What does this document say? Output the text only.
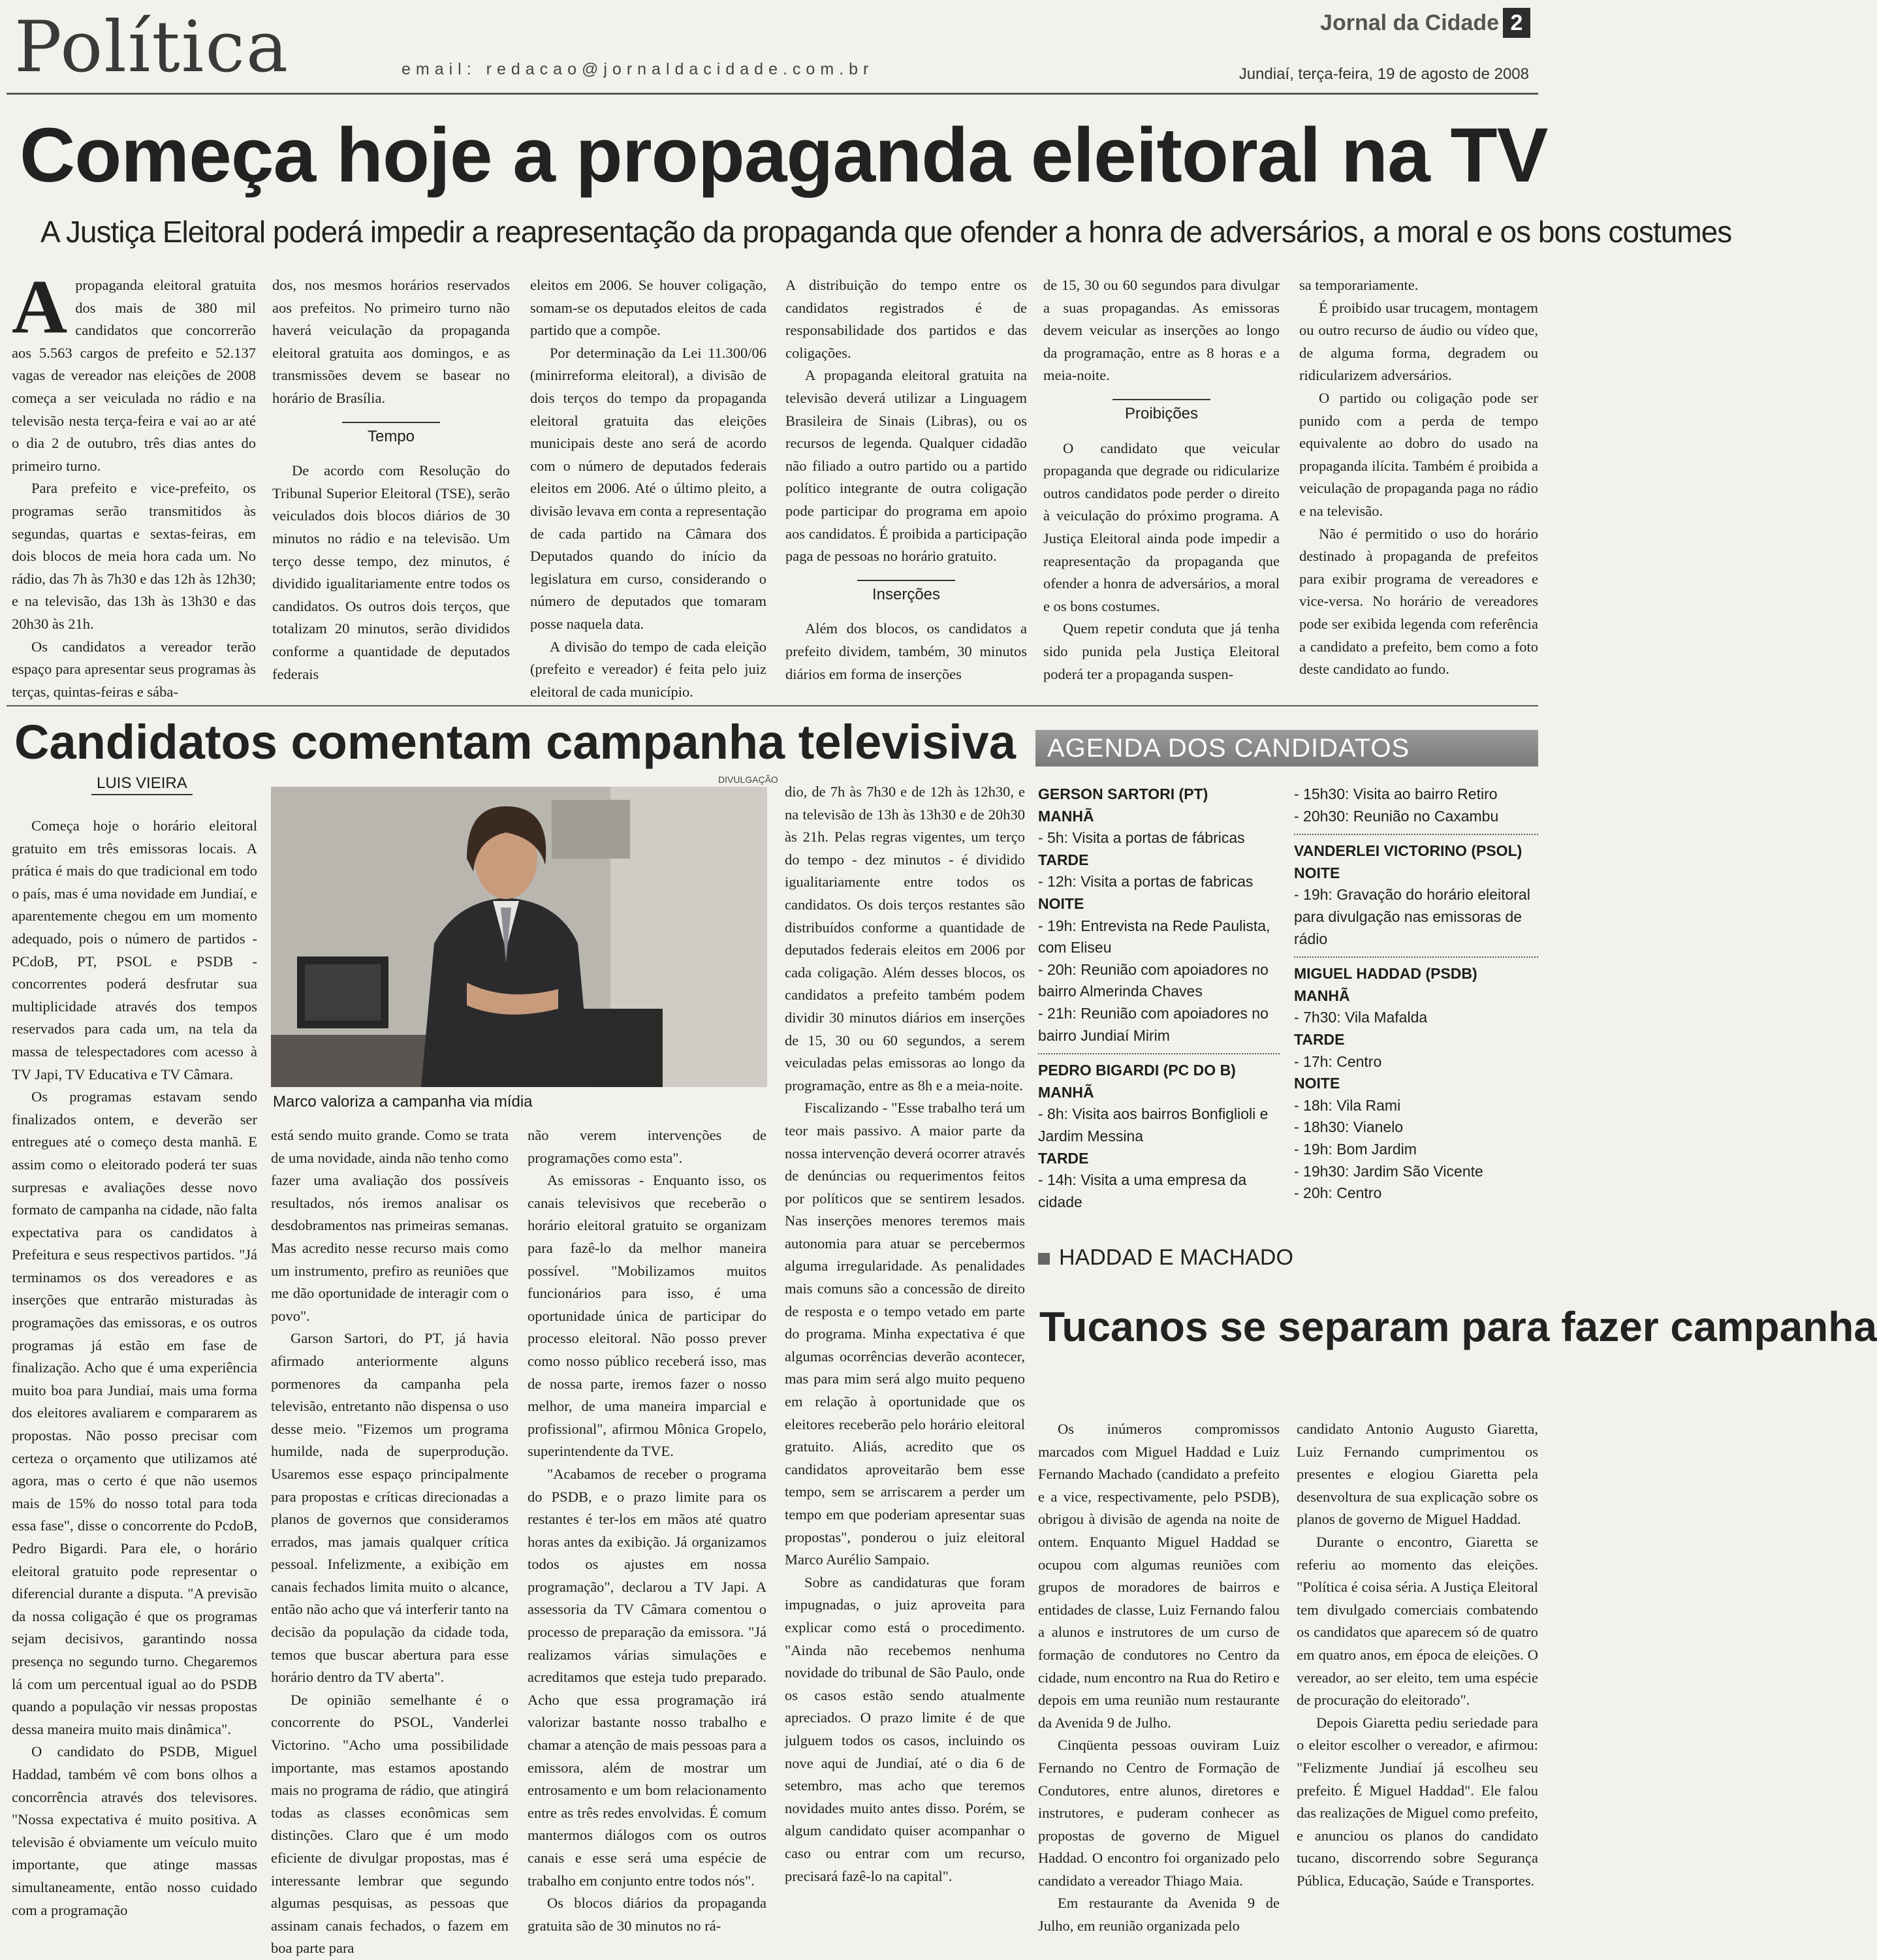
Política	email: redacao@jornaldacidade.com.br
Jornal da Cidade 2
Jundiaí, terça-feira, 19 de agosto de 2008
Começa hoje a propaganda eleitoral na TV
A Justiça Eleitoral poderá impedir a reapresentação da propaganda que ofender a honra de adversários, a moral e os bons costumes
A propaganda eleitoral gratuita dos mais de 380 mil candidatos que concorrerão aos 5.563 cargos de prefeito e 52.137 vagas de vereador nas eleições de 2008 começa a ser veiculada no rádio e na televisão nesta terça-feira e vai ao ar até o dia 2 de outubro, três dias antes do primeiro turno.

Para prefeito e vice-prefeito, os programas serão transmitidos às segundas, quartas e sextas-feiras, em dois blocos de meia hora cada um. No rádio, das 7h às 7h30 e das 12h às 12h30; e na televisão, das 13h às 13h30 e das 20h30 às 21h.

Os candidatos a vereador terão espaço para apresentar seus programas às terças, quintas-feiras e sába-

dos, nos mesmos horários reservados aos prefeitos. No primeiro turno não haverá veiculação da propaganda eleitoral gratuita aos domingos, e as transmissões devem se basear no horário de Brasília.

Tempo

De acordo com Resolução do Tribunal Superior Eleitoral (TSE), serão veiculados dois blocos diários de 30 minutos no rádio e na televisão. Um terço desse tempo, dez minutos, é dividido igualitariamente entre todos os candidatos. Os outros dois terços, que totalizam 20 minutos, serão divididos conforme a quantidade de deputados federais

eleitos em 2006. Se houver coligação, somam-se os deputados eleitos de cada partido que a compõe.

Por determinação da Lei 11.300/06 (minirreforma eleitoral), a divisão de dois terços do tempo da propaganda eleitoral gratuita das eleições municipais deste ano será de acordo com o número de deputados federais eleitos em 2006. Até o último pleito, a divisão levava em conta a representação de cada partido na Câmara dos Deputados quando do início da legislatura em curso, considerando o número de deputados que tomaram posse naquela data.

A divisão do tempo de cada eleição (prefeito e vereador) é feita pelo juiz eleitoral de cada município.

A distribuição do tempo entre os candidatos registrados é de responsabilidade dos partidos e das coligações.

A propaganda eleitoral gratuita na televisão deverá utilizar a Linguagem Brasileira de Sinais (Libras), ou os recursos de legenda. Qualquer cidadão não filiado a outro partido ou a partido político integrante de outra coligação pode participar do programa em apoio aos candidatos. É proibida a participação paga de pessoas no horário gratuito.

Inserções

Além dos blocos, os candidatos a prefeito dividem, também, 30 minutos diários em forma de inserções

de 15, 30 ou 60 segundos para divulgar a suas propagandas. As emissoras devem veicular as inserções ao longo da programação, entre as 8 horas e a meia-noite.

Proibições

O candidato que veicular propaganda que degrade ou ridicularize outros candidatos pode perder o direito à veiculação do próximo programa. A Justiça Eleitoral ainda pode impedir a reapresentação da propaganda que ofender a honra de adversários, a moral e os bons costumes.

Quem repetir conduta que já tenha sido punida pela Justiça Eleitoral poderá ter a propaganda suspen-

sa temporariamente.

É proibido usar trucagem, montagem ou outro recurso de áudio ou vídeo que, de alguma forma, degradem ou ridicularizem adversários.

O partido ou coligação pode ser punido com a perda de tempo equivalente ao dobro do usado na propaganda ilícita. Também é proibida a veiculação de propaganda paga no rádio e na televisão.

Não é permitido o uso do horário destinado à propaganda de prefeitos para exibir programa de vereadores e vice-versa. No horário de vereadores pode ser exibida legenda com referência a candidato a prefeito, bem como a foto deste candidato ao fundo.

Candidatos comentam campanha televisiva
LUIS VIEIRA	DIVULGAÇÃO
Marco valoriza a campanha via mídia

Começa hoje o horário eleitoral gratuito em três emissoras locais. A prática é mais do que tradicional em todo o país, mas é uma novidade em Jundiaí, e aparentemente chegou em um momento adequado, pois o número de partidos - PCdoB, PT, PSOL e PSDB - concorrentes poderá desfrutar sua multiplicidade através dos tempos reservados para cada um, na tela da massa de telespectadores com acesso à TV Japi, TV Educativa e TV Câmara.

Os programas estavam sendo finalizados ontem, e deverão ser entregues até o começo desta manhã. E assim como o eleitorado poderá ter suas surpresas e avaliações desse novo formato de campanha na cidade, não falta expectativa para os candidatos à Prefeitura e seus respectivos partidos. "Já terminamos os dos vereadores e as inserções que entrarão misturadas às programações das emissoras, e os outros programas já estão em fase de finalização. Acho que é uma experiência muito boa para Jundiaí, mais uma forma dos eleitores avaliarem e compararem as propostas. Não posso precisar com certeza o orçamento que utilizamos até agora, mas o certo é que não usemos mais de 15% do nosso total para toda essa fase", disse o concorrente do PcdoB, Pedro Bigardi. Para ele, o horário eleitoral gratuito pode representar o diferencial durante a disputa. "A previsão da nossa coligação é que os programas sejam decisivos, garantindo nossa presença no segundo turno. Chegaremos lá com um percentual igual ao do PSDB quando a população vir nessas propostas dessa maneira muito mais dinâmica".

O candidato do PSDB, Miguel Haddad, também vê com bons olhos a concorrência através dos televisores. "Nossa expectativa é muito positiva. A televisão é obviamente um veículo muito importante, que atinge massas simultaneamente, então nosso cuidado com a programação

está sendo muito grande. Como se trata de uma novidade, ainda não tenho como fazer uma avaliação dos possíveis resultados, nós iremos analisar os desdobramentos nas primeiras semanas. Mas acredito nesse recurso mais como um instrumento, prefiro as reuniões que me dão oportunidade de interagir com o povo".

Garson Sartori, do PT, já havia afirmado anteriormente alguns pormenores da campanha pela televisão, entretanto não dispensa o uso desse meio. "Fizemos um programa humilde, nada de superprodução. Usaremos esse espaço principalmente para propostas e críticas direcionadas a planos de governos que consideramos errados, mas jamais qualquer crítica pessoal. Infelizmente, a exibição em canais fechados limita muito o alcance, então não acho que vá interferir tanto na decisão da população da cidade toda, temos que buscar abertura para esse horário dentro da TV aberta".

De opinião semelhante é o concorrente do PSOL, Vanderlei Victorino. "Acho uma possibilidade importante, mas estamos apostando mais no programa de rádio, que atingirá todas as classes econômicas sem distinções. Claro que é um modo eficiente de divulgar propostas, mas é interessante lembrar que segundo algumas pesquisas, as pessoas que assinam canais fechados, o fazem em boa parte para

não verem intervenções de programações como esta".

As emissoras - Enquanto isso, os canais televisivos que receberão o horário eleitoral gratuito se organizam para fazê-lo da melhor maneira possível. "Mobilizamos muitos funcionários para isso, é uma oportunidade única de participar do processo eleitoral. Não posso prever como nosso público receberá isso, mas de nossa parte, iremos fazer o nosso melhor, de uma maneira imparcial e profissional", afirmou Mônica Gropelo, superintendente da TVE.

"Acabamos de receber o programa do PSDB, e o prazo limite para os restantes é ter-los em mãos até quatro horas antes da exibição. Já organizamos todos os ajustes em nossa programação", declarou a TV Japi. A assessoria da TV Câmara comentou o processo de preparação da emissora. "Já realizamos várias simulações e acreditamos que esteja tudo preparado. Acho que essa programação irá valorizar bastante nosso trabalho e chamar a atenção de mais pessoas para a emissora, além de mostrar um entrosamento e um bom relacionamento entre as três redes envolvidas. É comum mantermos diálogos com os outros canais e esse será uma espécie de trabalho em conjunto entre todos nós".

Os blocos diários da propaganda gratuita são de 30 minutos no rá-

dio, de 7h às 7h30 e de 12h às 12h30, e na televisão de 13h às 13h30 e de 20h30 às 21h. Pelas regras vigentes, um terço do tempo - dez minutos - é dividido igualitariamente entre todos os candidatos. Os dois terços restantes são distribuídos conforme a quantidade de deputados federais eleitos em 2006 por cada coligação. Além desses blocos, os candidatos a prefeito também podem dividir 30 minutos diários em inserções de 15, 30 ou 60 segundos, a serem veiculadas pelas emissoras ao longo da programação, entre as 8h e a meia-noite.

Fiscalizando - "Esse trabalho terá um teor mais passivo. A maior parte da nossa intervenção deverá ocorrer através de denúncias ou requerimentos feitos por políticos que se sentirem lesados. Nas inserções menores teremos mais autonomia para atuar se percebermos alguma irregularidade. As penalidades mais comuns são a concessão de direito de resposta e o tempo vetado em parte do programa. Minha expectativa é que algumas ocorrências deverão acontecer, mas para mim será algo muito pequeno em relação à oportunidade que os eleitores receberão pelo horário eleitoral gratuito. Aliás, acredito que os candidatos aproveitarão bem esse tempo, sem se arriscarem a perder um tempo em que poderiam apresentar suas propostas", ponderou o juiz eleitoral Marco Aurélio Sampaio.

Sobre as candidaturas que foram impugnadas, o juiz aproveita para explicar como está o procedimento. "Ainda não recebemos nenhuma novidade do tribunal de São Paulo, onde os casos estão sendo atualmente apreciados. O prazo limite é de que julguem todos os casos, incluindo os nove aqui de Jundiaí, até o dia 6 de setembro, mas acho que teremos novidades muito antes disso. Porém, se algum candidato quiser acompanhar o caso ou entrar com um recurso, precisará fazê-lo na capital".

AGENDA DOS CANDIDATOS
GERSON SARTORI (PT)
MANHÃ
- 5h: Visita a portas de fábricas
TARDE
- 12h: Visita a portas de fabricas
NOITE
- 19h: Entrevista na Rede Paulista, com Eliseu
- 20h: Reunião com apoiadores no bairro Almerinda Chaves
- 21h: Reunião com apoiadores no bairro Jundiaí Mirim
PEDRO BIGARDI (PC DO B)
MANHÃ
- 8h: Visita aos bairros Bonfiglioli e Jardim Messina
TARDE
- 14h: Visita a uma empresa da cidade
- 15h30: Visita ao bairro Retiro
- 20h30: Reunião no Caxambu
VANDERLEI VICTORINO (PSOL)
NOITE
- 19h: Gravação do horário eleitoral para divulgação nas emissoras de rádio
MIGUEL HADDAD (PSDB)
MANHÃ
- 7h30: Vila Mafalda
TARDE
- 17h: Centro
NOITE
- 18h: Vila Rami
- 18h30: Vianelo
- 19h: Bom Jardim
- 19h30: Jardim São Vicente
- 20h: Centro
HADDAD E MACHADO
Tucanos se separam para fazer campanha

Os inúmeros compromissos marcados com Miguel Haddad e Luiz Fernando Machado (candidato a prefeito e a vice, respectivamente, pelo PSDB), obrigou à divisão de agenda na noite de ontem. Enquanto Miguel Haddad se ocupou com algumas reuniões com grupos de moradores de bairros e entidades de classe, Luiz Fernando falou a alunos e instrutores de um curso de formação de condutores no Centro da cidade, num encontro na Rua do Retiro e depois em uma reunião num restaurante da Avenida 9 de Julho.

Cinqüenta pessoas ouviram Luiz Fernando no Centro de Formação de Condutores, entre alunos, diretores e instrutores, e puderam conhecer as propostas de governo de Miguel Haddad. O encontro foi organizado pelo candidato a vereador Thiago Maia.

Em restaurante da Avenida 9 de Julho, em reunião organizada pelo

candidato Antonio Augusto Giaretta, Luiz Fernando cumprimentou os presentes e elogiou Giaretta pela desenvoltura de sua explicação sobre os planos de governo de Miguel Haddad.

Durante o encontro, Giaretta se referiu ao momento das eleições. "Política é coisa séria. A Justiça Eleitoral tem divulgado comerciais combatendo os candidatos que aparecem só de quatro em quatro anos, em época de eleições. O vereador, ao ser eleito, tem uma espécie de procuração do eleitorado".

Depois Giaretta pediu seriedade para o eleitor escolher o vereador, e afirmou: "Felizmente Jundiaí já escolheu seu prefeito. É Miguel Haddad". Ele falou das realizações de Miguel como prefeito, e anunciou os planos do candidato tucano, discorrendo sobre Segurança Pública, Educação, Saúde e Transportes.
